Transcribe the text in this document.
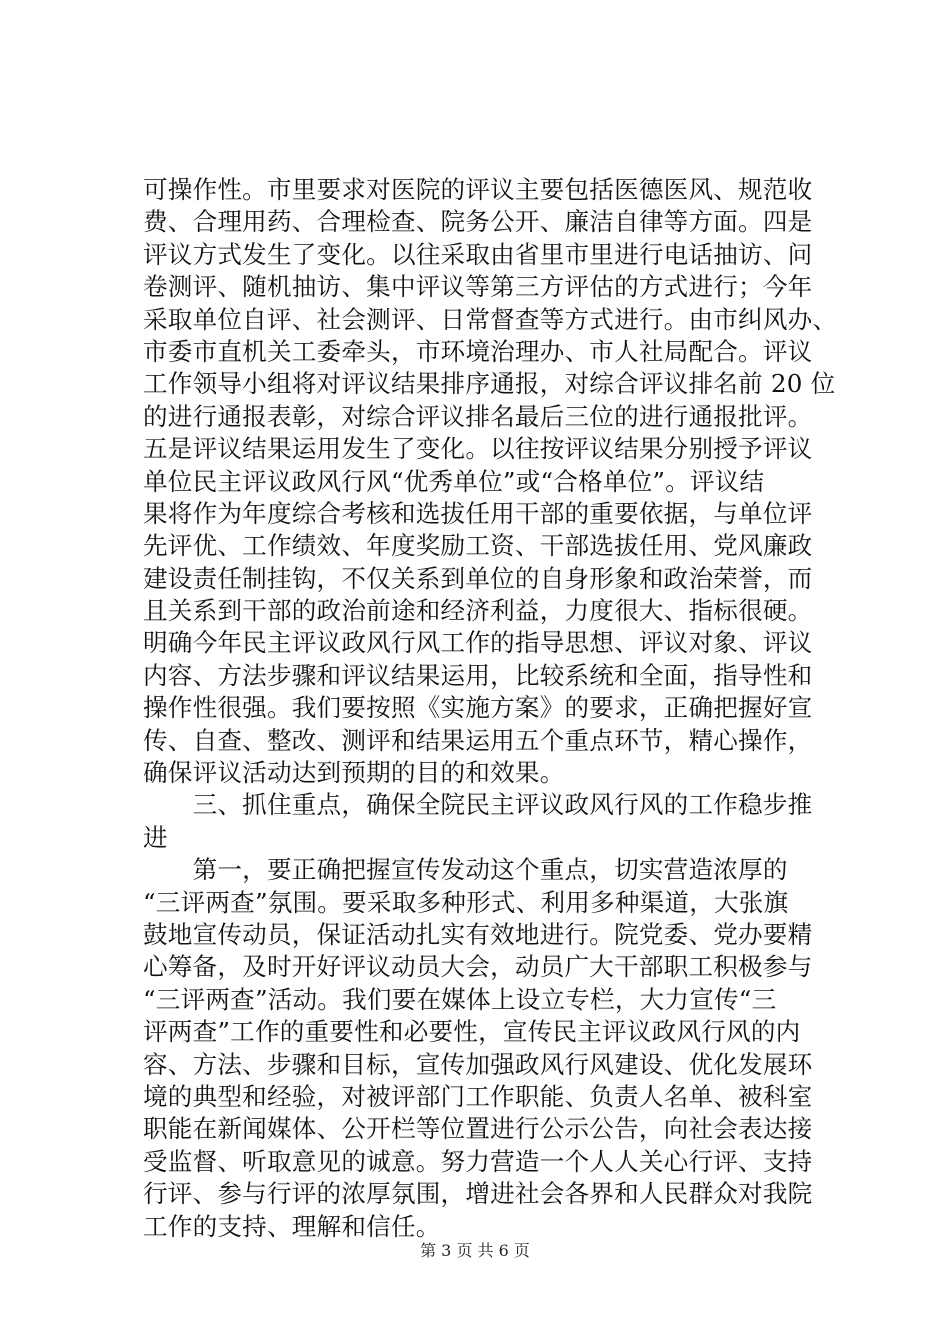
可操作性。市里要求对医院的评议主要包括医德医风、规范收
费、合理用药、合理检查、院务公开、廉洁自律等方面。四是
评议方式发生了变化。以往采取由省里市里进行电话抽访、问
卷测评、随机抽访、集中评议等第三方评估的方式进行；今年
采取单位自评、社会测评、日常督查等方式进行。由市纠风办、
市委市直机关工委牵头，市环境治理办、市人社局配合。评议
工作领导小组将对评议结果排序通报，对综合评议排名前 20 位
的进行通报表彰，对综合评议排名最后三位的进行通报批评。
五是评议结果运用发生了变化。以往按评议结果分别授予评议
单位民主评议政风行风“优秀单位”或“合格单位”。评议结
果将作为年度综合考核和选拔任用干部的重要依据，与单位评
先评优、工作绩效、年度奖励工资、干部选拔任用、党风廉政
建设责任制挂钩，不仅关系到单位的自身形象和政治荣誉，而
且关系到干部的政治前途和经济利益，力度很大、指标很硬。
明确今年民主评议政风行风工作的指导思想、评议对象、评议
内容、方法步骤和评议结果运用，比较系统和全面，指导性和
操作性很强。我们要按照《实施方案》的要求，正确把握好宣
传、自查、整改、测评和结果运用五个重点环节，精心操作，
确保评议活动达到预期的目的和效果。
　　三、抓住重点，确保全院民主评议政风行风的工作稳步推
进
　　第一，要正确把握宣传发动这个重点，切实营造浓厚的
“三评两查”氛围。要采取多种形式、利用多种渠道，大张旗
鼓地宣传动员，保证活动扎实有效地进行。院党委、党办要精
心筹备，及时开好评议动员大会，动员广大干部职工积极参与
“三评两查”活动。我们要在媒体上设立专栏，大力宣传“三
评两查”工作的重要性和必要性，宣传民主评议政风行风的内
容、方法、步骤和目标，宣传加强政风行风建设、优化发展环
境的典型和经验，对被评部门工作职能、负责人名单、被科室
职能在新闻媒体、公开栏等位置进行公示公告，向社会表达接
受监督、听取意见的诚意。努力营造一个人人关心行评、支持
行评、参与行评的浓厚氛围，增进社会各界和人民群众对我院
工作的支持、理解和信任。
第 3 页 共 6 页
